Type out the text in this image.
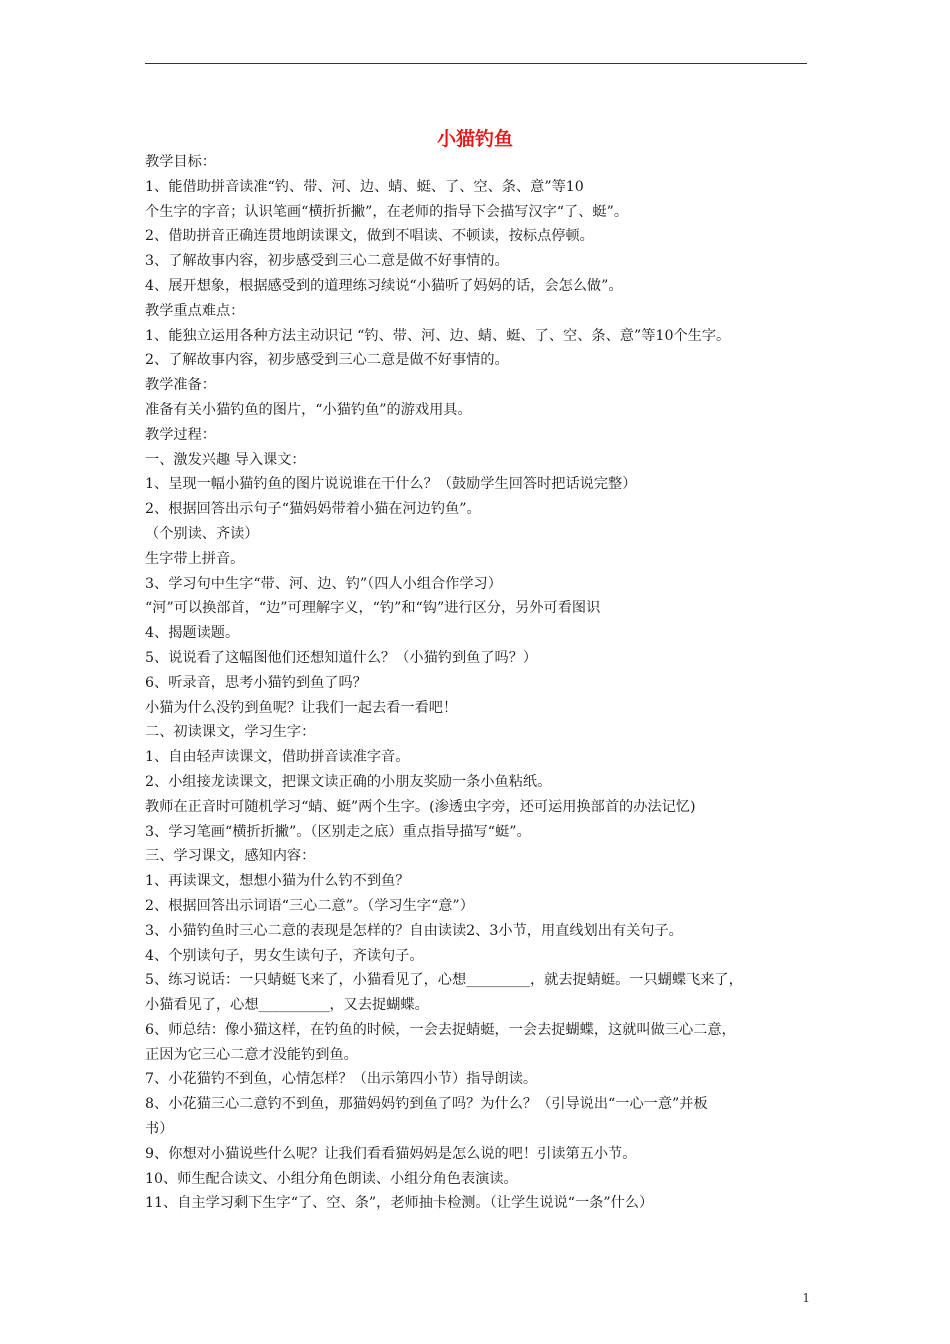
小猫钓鱼
教学目标：
1、能借助拼音读准“钓、带、河、边、蜻、蜓、了、空、条、意”等10
个生字的字音；认识笔画“横折折撇”，在老师的指导下会描写汉字“了、蜓”。
2、借助拼音正确连贯地朗读课文，做到不唱读、不顿读，按标点停顿。
3、了解故事内容，初步感受到三心二意是做不好事情的。
4、展开想象，根据感受到的道理练习续说“小猫听了妈妈的话，会怎么做”。
教学重点难点：
1、能独立运用各种方法主动识记 “钓、带、河、边、蜻、蜓、了、空、条、意”等10个生字。
2、了解故事内容，初步感受到三心二意是做不好事情的。
教学准备：
准备有关小猫钓鱼的图片，“小猫钓鱼”的游戏用具。
教学过程：
一、激发兴趣 导入课文：
1、呈现一幅小猫钓鱼的图片说说谁在干什么？（鼓励学生回答时把话说完整）
2、根据回答出示句子“猫妈妈带着小猫在河边钓鱼”。
（个别读、齐读）
生字带上拼音。
3、学习句中生字“带、河、边、钓”（四人小组合作学习）
“河”可以换部首，“边”可理解字义，“钓”和“钩”进行区分，另外可看图识
4、揭题读题。
5、说说看了这幅图他们还想知道什么？（小猫钓到鱼了吗？）
6、听录音，思考小猫钓到鱼了吗？
小猫为什么没钓到鱼呢？让我们一起去看一看吧！
二、初读课文，学习生字：
1、自由轻声读课文，借助拼音读准字音。
2、小组接龙读课文，把课文读正确的小朋友奖励一条小鱼粘纸。
教师在正音时可随机学习“蜻、蜓”两个生字。(渗透虫字旁，还可运用换部首的办法记忆)
3、学习笔画“横折折撇”。（区别走之底）重点指导描写“蜓”。
三、学习课文，感知内容：
1、再读课文，想想小猫为什么钓不到鱼？
2、根据回答出示词语“三心二意”。（学习生字“意”）
3、小猫钓鱼时三心二意的表现是怎样的？自由读读2、3小节，用直线划出有关句子。
4、个别读句子，男女生读句子，齐读句子。
5、练习说话：一只蜻蜓飞来了，小猫看见了，心想_________，就去捉蜻蜓。一只蝴蝶飞来了，
小猫看见了，心想__________，又去捉蝴蝶。
6、师总结：像小猫这样，在钓鱼的时候，一会去捉蜻蜓，一会去捉蝴蝶，这就叫做三心二意，
正因为它三心二意才没能钓到鱼。
7、小花猫钓不到鱼，心情怎样？（出示第四小节）指导朗读。
8、小花猫三心二意钓不到鱼，那猫妈妈钓到鱼了吗？为什么？（引导说出“一心一意”并板
书）
9、你想对小猫说些什么呢？让我们看看猫妈妈是怎么说的吧！引读第五小节。
10、师生配合读文、小组分角色朗读、小组分角色表演读。
11、自主学习剩下生字“了、空、条”，老师抽卡检测。（让学生说说“一条”什么）
1
